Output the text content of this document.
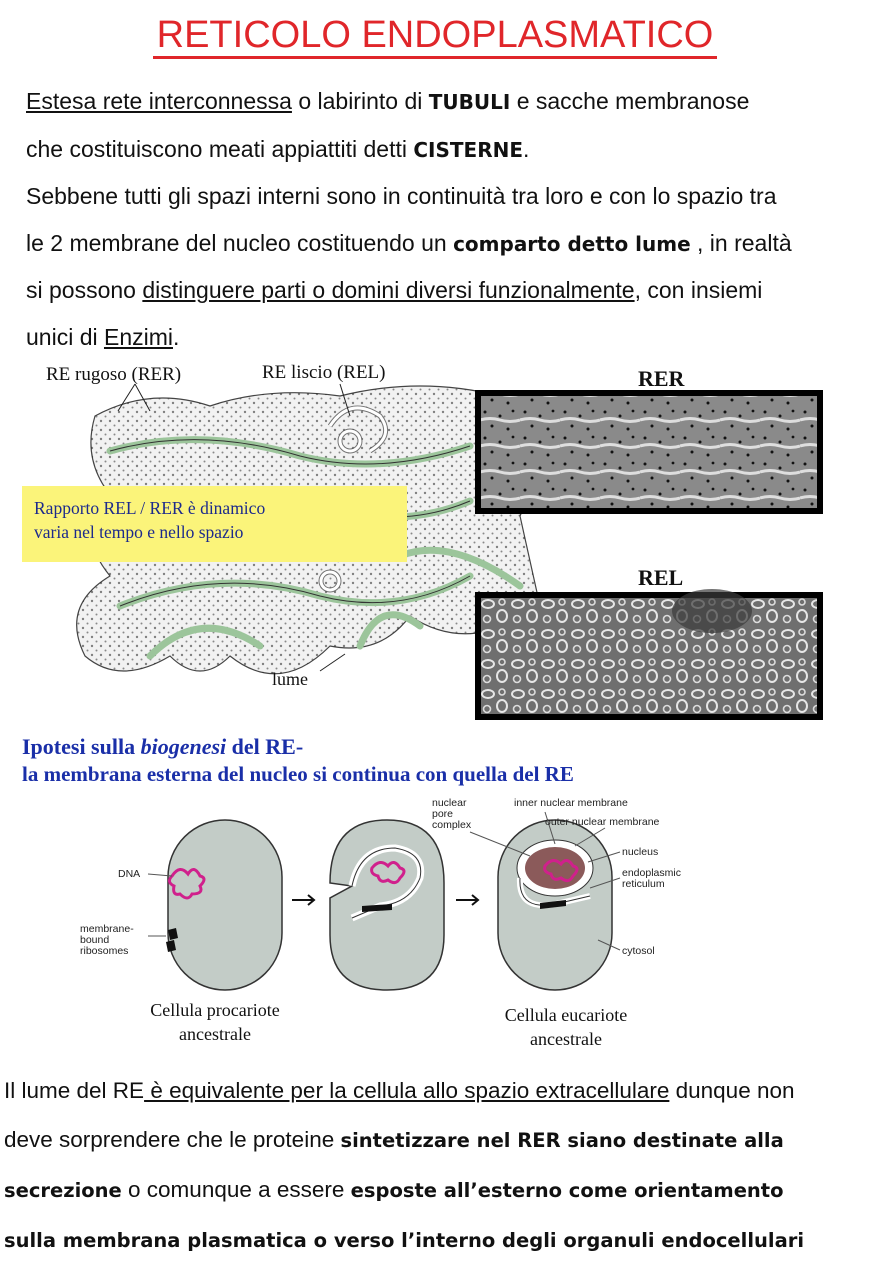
RETICOLO ENDOPLASMATICO
Estesa rete interconnessa o labirinto di TUBULI e sacche membranose
che costituiscono meati appiattiti detti CISTERNE.
Sebbene tutti gli spazi interni sono in continuità tra loro e con lo spazio tra
le 2 membrane del nucleo costituendo un comparto detto lume , in realtà
si possono distinguere parti o domini diversi funzionalmente, con insiemi
unici di Enzimi.
RE rugoso (RER)	RE liscio (REL)
lume
Rapporto REL / RER è dinamico
varia nel tempo e nello spazio
RER
REL
Ipotesi sulla biogenesi del RE-
la membrana esterna del nucleo si continua con quella del RE
DNA
membrane-
bound
ribosomes
nuclear
pore
complex
inner nuclear membrane
outer nuclear membrane
nucleus
endoplasmic
reticulum
cytosol
Cellula procariote
ancestrale
Cellula eucariote
ancestrale
Il lume del RE è equivalente per la cellula allo spazio extracellulare dunque non
deve sorprendere che le proteine sintetizzare nel RER siano destinate alla
secrezione o comunque a essere esposte all’esterno come orientamento
sulla membrana plasmatica o verso l’interno degli organuli endocellulari
